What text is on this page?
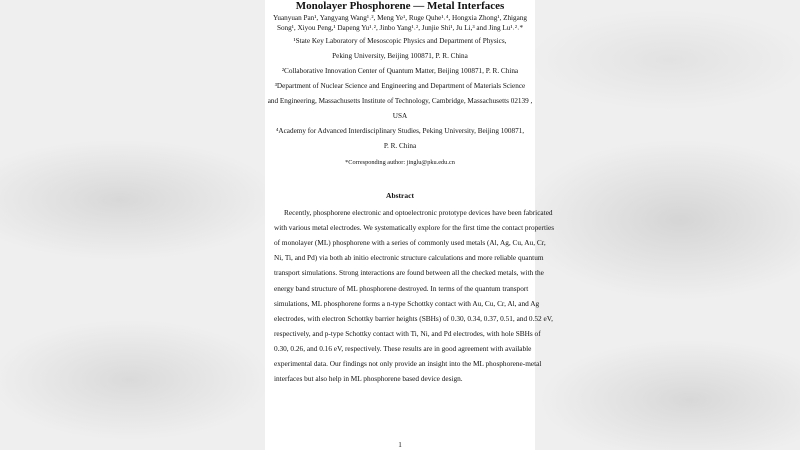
Monolayer Phosphorene — Metal Interfaces
Yuanyuan Pan¹, Yangyang Wang¹˒², Meng Ye¹, Ruge Quhe¹˒⁴, Hongxia Zhong¹, Zhigang
Song¹, Xiyou Peng,¹ Dapeng Yu¹˒², Jinbo Yang¹˒², Junjie Shi¹, Ju Li,³ and Jing Lu¹˒²˒*
¹State Key Laboratory of Mesoscopic Physics and Department of Physics,
Peking University, Beijing 100871, P. R. China
²Collaborative Innovation Center of Quantum Matter, Beijing 100871, P. R. China
³Department of Nuclear Science and Engineering and Department of Materials Science
and Engineering, Massachusetts Institute of Technology, Cambridge, Massachusetts 02139 ,
USA
⁴Academy for Advanced Interdisciplinary Studies, Peking University, Beijing 100871,
P. R. China
*Corresponding author: jinglu@pku.edu.cn
Abstract
Recently, phosphorene electronic and optoelectronic prototype devices have been fabricated
with various metal electrodes. We systematically explore for the first time the contact properties
of monolayer (ML) phosphorene with a series of commonly used metals (Al, Ag, Cu, Au, Cr,
Ni, Ti, and Pd) via both ab initio electronic structure calculations and more reliable quantum
transport simulations. Strong interactions are found between all the checked metals, with the
energy band structure of ML phosphorene destroyed. In terms of the quantum transport
simulations, ML phosphorene forms a n-type Schottky contact with Au, Cu, Cr, Al, and Ag
electrodes, with electron Schottky barrier heights (SBHs) of 0.30, 0.34, 0.37, 0.51, and 0.52 eV,
respectively, and p-type Schottky contact with Ti, Ni, and Pd electrodes, with hole SBHs of
0.30, 0.26, and 0.16 eV, respectively. These results are in good agreement with available
experimental data. Our findings not only provide an insight into the ML phosphorene-metal
interfaces but also help in ML phosphorene based device design.
1
